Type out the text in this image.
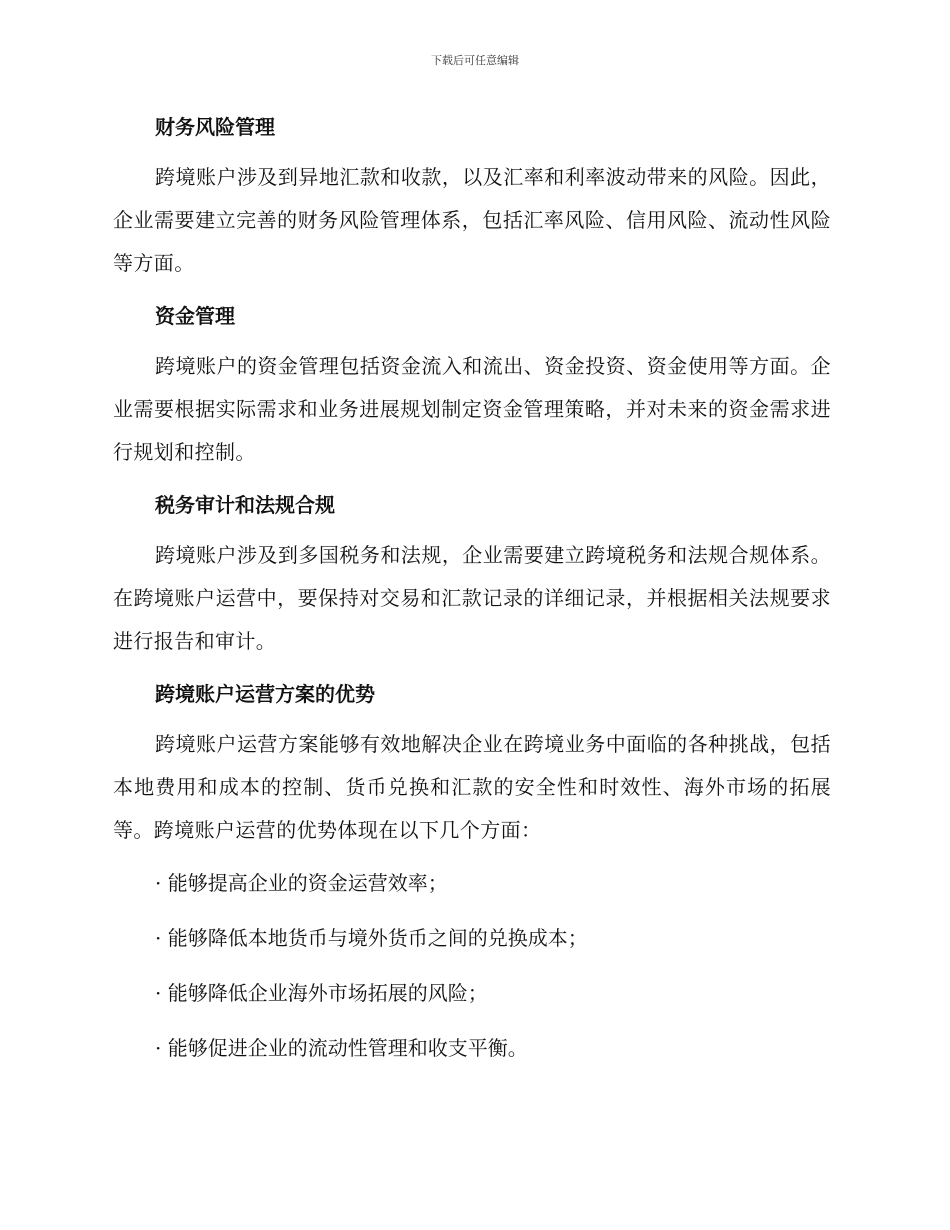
下载后可任意编辑
财务风险管理

跨境账户涉及到异地汇款和收款，以及汇率和利率波动带来的风险。因此，企业需要建立完善的财务风险管理体系，包括汇率风险、信用风险、流动性风险等方面。

资金管理

跨境账户的资金管理包括资金流入和流出、资金投资、资金使用等方面。企业需要根据实际需求和业务进展规划制定资金管理策略，并对未来的资金需求进行规划和控制。

税务审计和法规合规

跨境账户涉及到多国税务和法规，企业需要建立跨境税务和法规合规体系。在跨境账户运营中，要保持对交易和汇款记录的详细记录，并根据相关法规要求进行报告和审计。

跨境账户运营方案的优势

跨境账户运营方案能够有效地解决企业在跨境业务中面临的各种挑战，包括本地费用和成本的控制、货币兑换和汇款的安全性和时效性、海外市场的拓展等。跨境账户运营的优势体现在以下几个方面：

· 能够提高企业的资金运营效率；
· 能够降低本地货币与境外货币之间的兑换成本；
· 能够降低企业海外市场拓展的风险；
· 能够促进企业的流动性管理和收支平衡。
